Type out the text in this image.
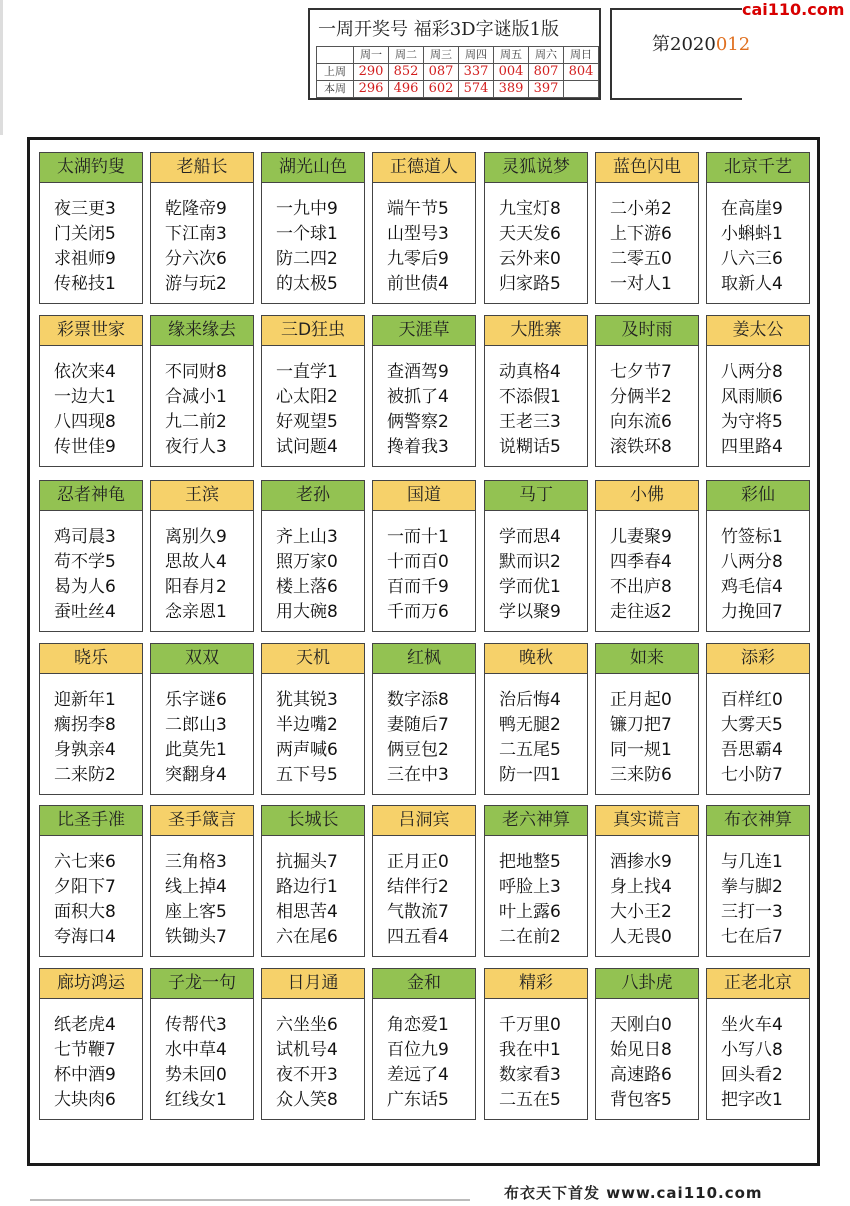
一周开奖号 福彩3D字谜版1版
	周一	周二	周三	周四	周五	周六	周日
上周	290	852	087	337	004	807	804
本周	296	496	602	574	389	397	
第2020012
cai110.com
太湖钓叟
夜三更3
门关闭5
求祖师9
传秘技1
老船长
乾隆帝9
下江南3
分六次6
游与玩2
湖光山色
一九中9
一个球1
防二四2
的太极5
正德道人
端午节5
山型号3
九零后9
前世债4
灵狐说梦
九宝灯8
天天发6
云外来0
归家路5
蓝色闪电
二小弟2
上下游6
二零五0
一对人1
北京千艺
在高崖9
小蝌蚪1
八六三6
取新人4
彩票世家
依次来4
一边大1
八四现8
传世佳9
缘来缘去
不同财8
合减小1
九二前2
夜行人3
三D狂虫
一直学1
心太阳2
好观望5
试问题4
天涯草
查酒驾9
被抓了4
俩警察2
搀着我3
大胜寨
动真格4
不添假1
王老三3
说糊话5
及时雨
七夕节7
分俩半2
向东流6
滚铁环8
姜太公
八两分8
风雨顺6
为守将5
四里路4
忍者神龟
鸡司晨3
苟不学5
曷为人6
蚕吐丝4
王滨
离别久9
思故人4
阳春月2
念亲恩1
老孙
齐上山3
照万家0
楼上落6
用大碗8
国道
一而十1
十而百0
百而千9
千而万6
马丁
学而思4
默而识2
学而优1
学以聚9
小佛
儿妻聚9
四季春4
不出庐8
走往返2
彩仙
竹签标1
八两分8
鸡毛信4
力挽回7
晓乐
迎新年1
瘸拐李8
身孰亲4
二来防2
双双
乐字谜6
二郎山3
此莫先1
突翻身4
天机
犹其锐3
半边嘴2
两声喊6
五下号5
红枫
数字添8
妻随后7
俩豆包2
三在中3
晚秋
治后悔4
鸭无腿2
二五尾5
防一四1
如来
正月起0
镰刀把7
同一规1
三来防6
添彩
百样红0
大雾天5
吾思霸4
七小防7
比圣手准
六七来6
夕阳下7
面积大8
夸海口4
圣手箴言
三角格3
线上掉4
座上客5
铁锄头7
长城长
抗掘头7
路边行1
相思苦4
六在尾6
吕洞宾
正月正0
结伴行2
气散流7
四五看4
老六神算
把地整5
呼脸上3
叶上露6
二在前2
真实谎言
酒掺水9
身上找4
大小王2
人无畏0
布衣神算
与几连1
拳与脚2
三打一3
七在后7
廊坊鸿运
纸老虎4
七节鞭7
杯中酒9
大块肉6
子龙一句
传帮代3
水中草4
势未回0
红线女1
日月通
六坐坐6
试机号4
夜不开3
众人笑8
金和
角恋爱1
百位九9
差远了4
广东话5
精彩
千万里0
我在中1
数家看3
二五在5
八卦虎
天刚白0
始见日8
高速路6
背包客5
正老北京
坐火车4
小写八8
回头看2
把字改1
布衣天下首发 www.cai110.com
